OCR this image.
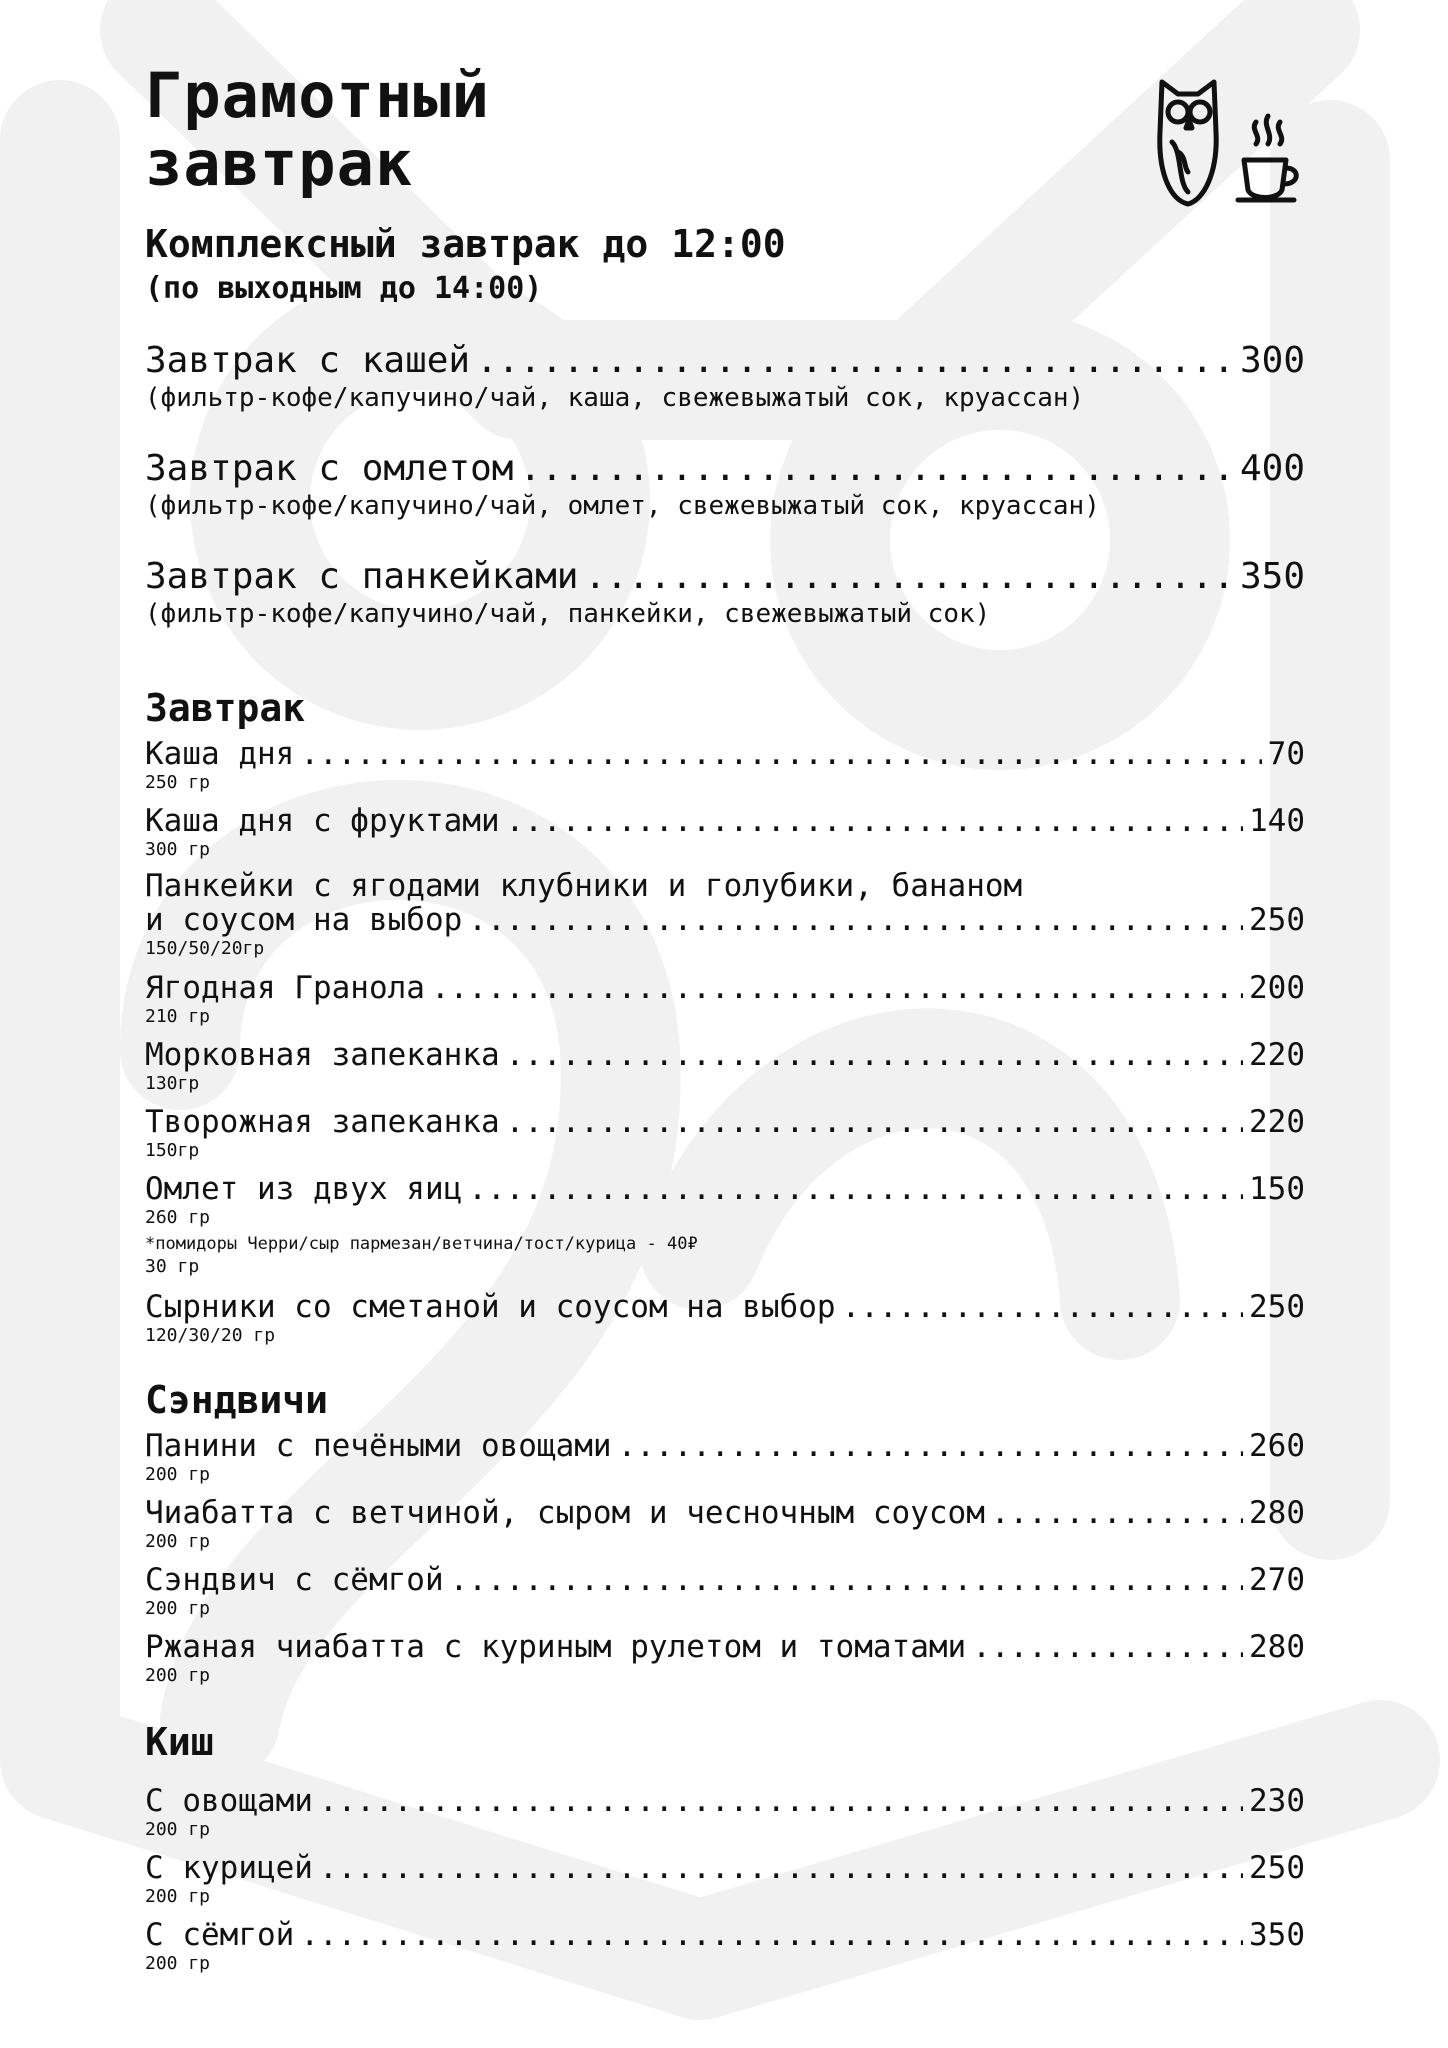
Грамотный
завтрак
Комплексный завтрак до 12:00
(по выходным до 14:00)
Завтрак с кашей .....	300
(фильтр-кофе/капучино/чай, каша, свежевыжатый сок, круассан)
Завтрак с омлетом .....	400
(фильтр-кофе/капучино/чай, омлет, свежевыжатый сок, круассан)
Завтрак с панкейками .....	350
(фильтр-кофе/капучино/чай, панкейки, свежевыжатый сок)
Завтрак
Каша дня .....	70
250 гр
Каша дня с фруктами .....	140
300 гр
Панкейки с ягодами клубники и голубики, бананом
и соусом на выбор .....	250
150/50/20гр
Ягодная Гранола .....	200
210 гр
Морковная запеканка .....	220
130гр
Творожная запеканка .....	220
150гр
Омлет из двух яиц .....	150
260 гр
*помидоры Черри/сыр пармезан/ветчина/тост/курица - 40₽
30 гр
Сырники со сметаной и соусом на выбор .....	250
120/30/20 гр
Сэндвичи
Панини с печёными овощами .....	260
200 гр
Чиабатта с ветчиной, сыром и чесночным соусом .....	280
200 гр
Сэндвич с сёмгой .....	270
200 гр
Ржаная чиабатта с куриным рулетом и томатами .....	280
200 гр
Киш
С овощами .....	230
200 гр
С курицей .....	250
200 гр
С сёмгой .....	350
200 гр
